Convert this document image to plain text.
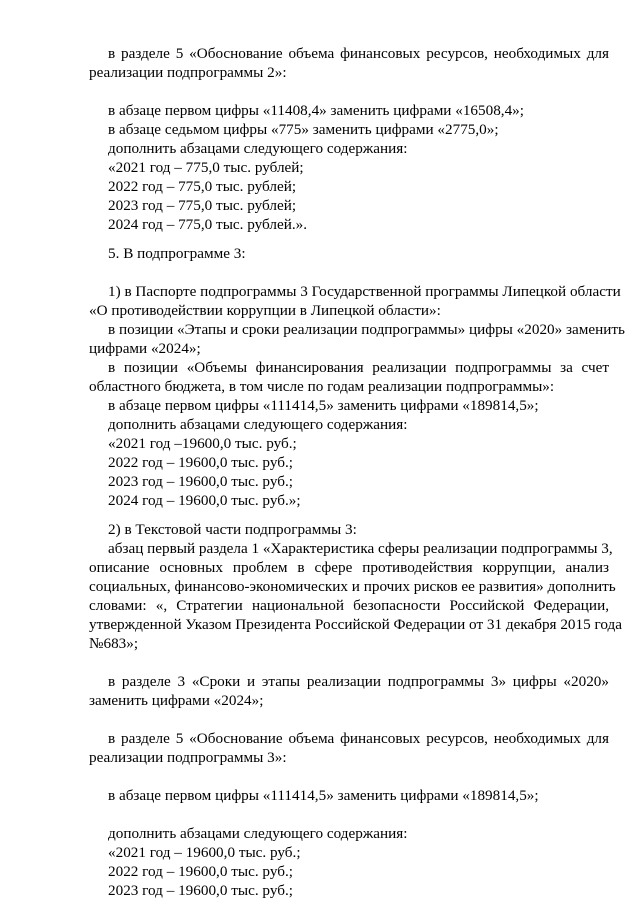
в разделе 5 «Обоснование объема финансовых ресурсов, необходимых для
реализации подпрограммы 2»:
в абзаце первом цифры «11408,4» заменить цифрами «16508,4»;
в абзаце седьмом цифры «775» заменить цифрами «2775,0»;
дополнить абзацами следующего содержания:
«2021 год – 775,0 тыс. рублей;
2022 год – 775,0 тыс. рублей;
2023 год – 775,0 тыс. рублей;
2024 год – 775,0 тыс. рублей.».
5. В подпрограмме 3:
1) в Паспорте подпрограммы 3 Государственной программы Липецкой области
«О противодействии коррупции в Липецкой области»:
в позиции «Этапы и сроки реализации подпрограммы» цифры «2020» заменить
цифрами «2024»;
в позиции «Объемы финансирования реализации подпрограммы за счет
областного бюджета, в том числе по годам реализации подпрограммы»:
в абзаце первом цифры «111414,5» заменить цифрами «189814,5»;
дополнить абзацами следующего содержания:
«2021 год –19600,0 тыс. руб.;
2022 год – 19600,0 тыс. руб.;
2023 год – 19600,0 тыс. руб.;
2024 год – 19600,0 тыс. руб.»;
2) в Текстовой части подпрограммы 3:
абзац первый раздела 1 «Характеристика сферы реализации подпрограммы 3,
описание основных проблем в сфере противодействия коррупции, анализ
социальных, финансово-экономических и прочих рисков ее развития» дополнить
словами: «, Стратегии национальной безопасности Российской Федерации,
утвержденной Указом Президента Российской Федерации от 31 декабря 2015 года
№683»;
в разделе 3 «Сроки и этапы реализации подпрограммы 3» цифры «2020»
заменить цифрами «2024»;
в разделе 5 «Обоснование объема финансовых ресурсов, необходимых для
реализации подпрограммы 3»:
в абзаце первом цифры «111414,5» заменить цифрами «189814,5»;
дополнить абзацами следующего содержания:
«2021 год – 19600,0 тыс. руб.;
2022 год – 19600,0 тыс. руб.;
2023 год – 19600,0 тыс. руб.;
